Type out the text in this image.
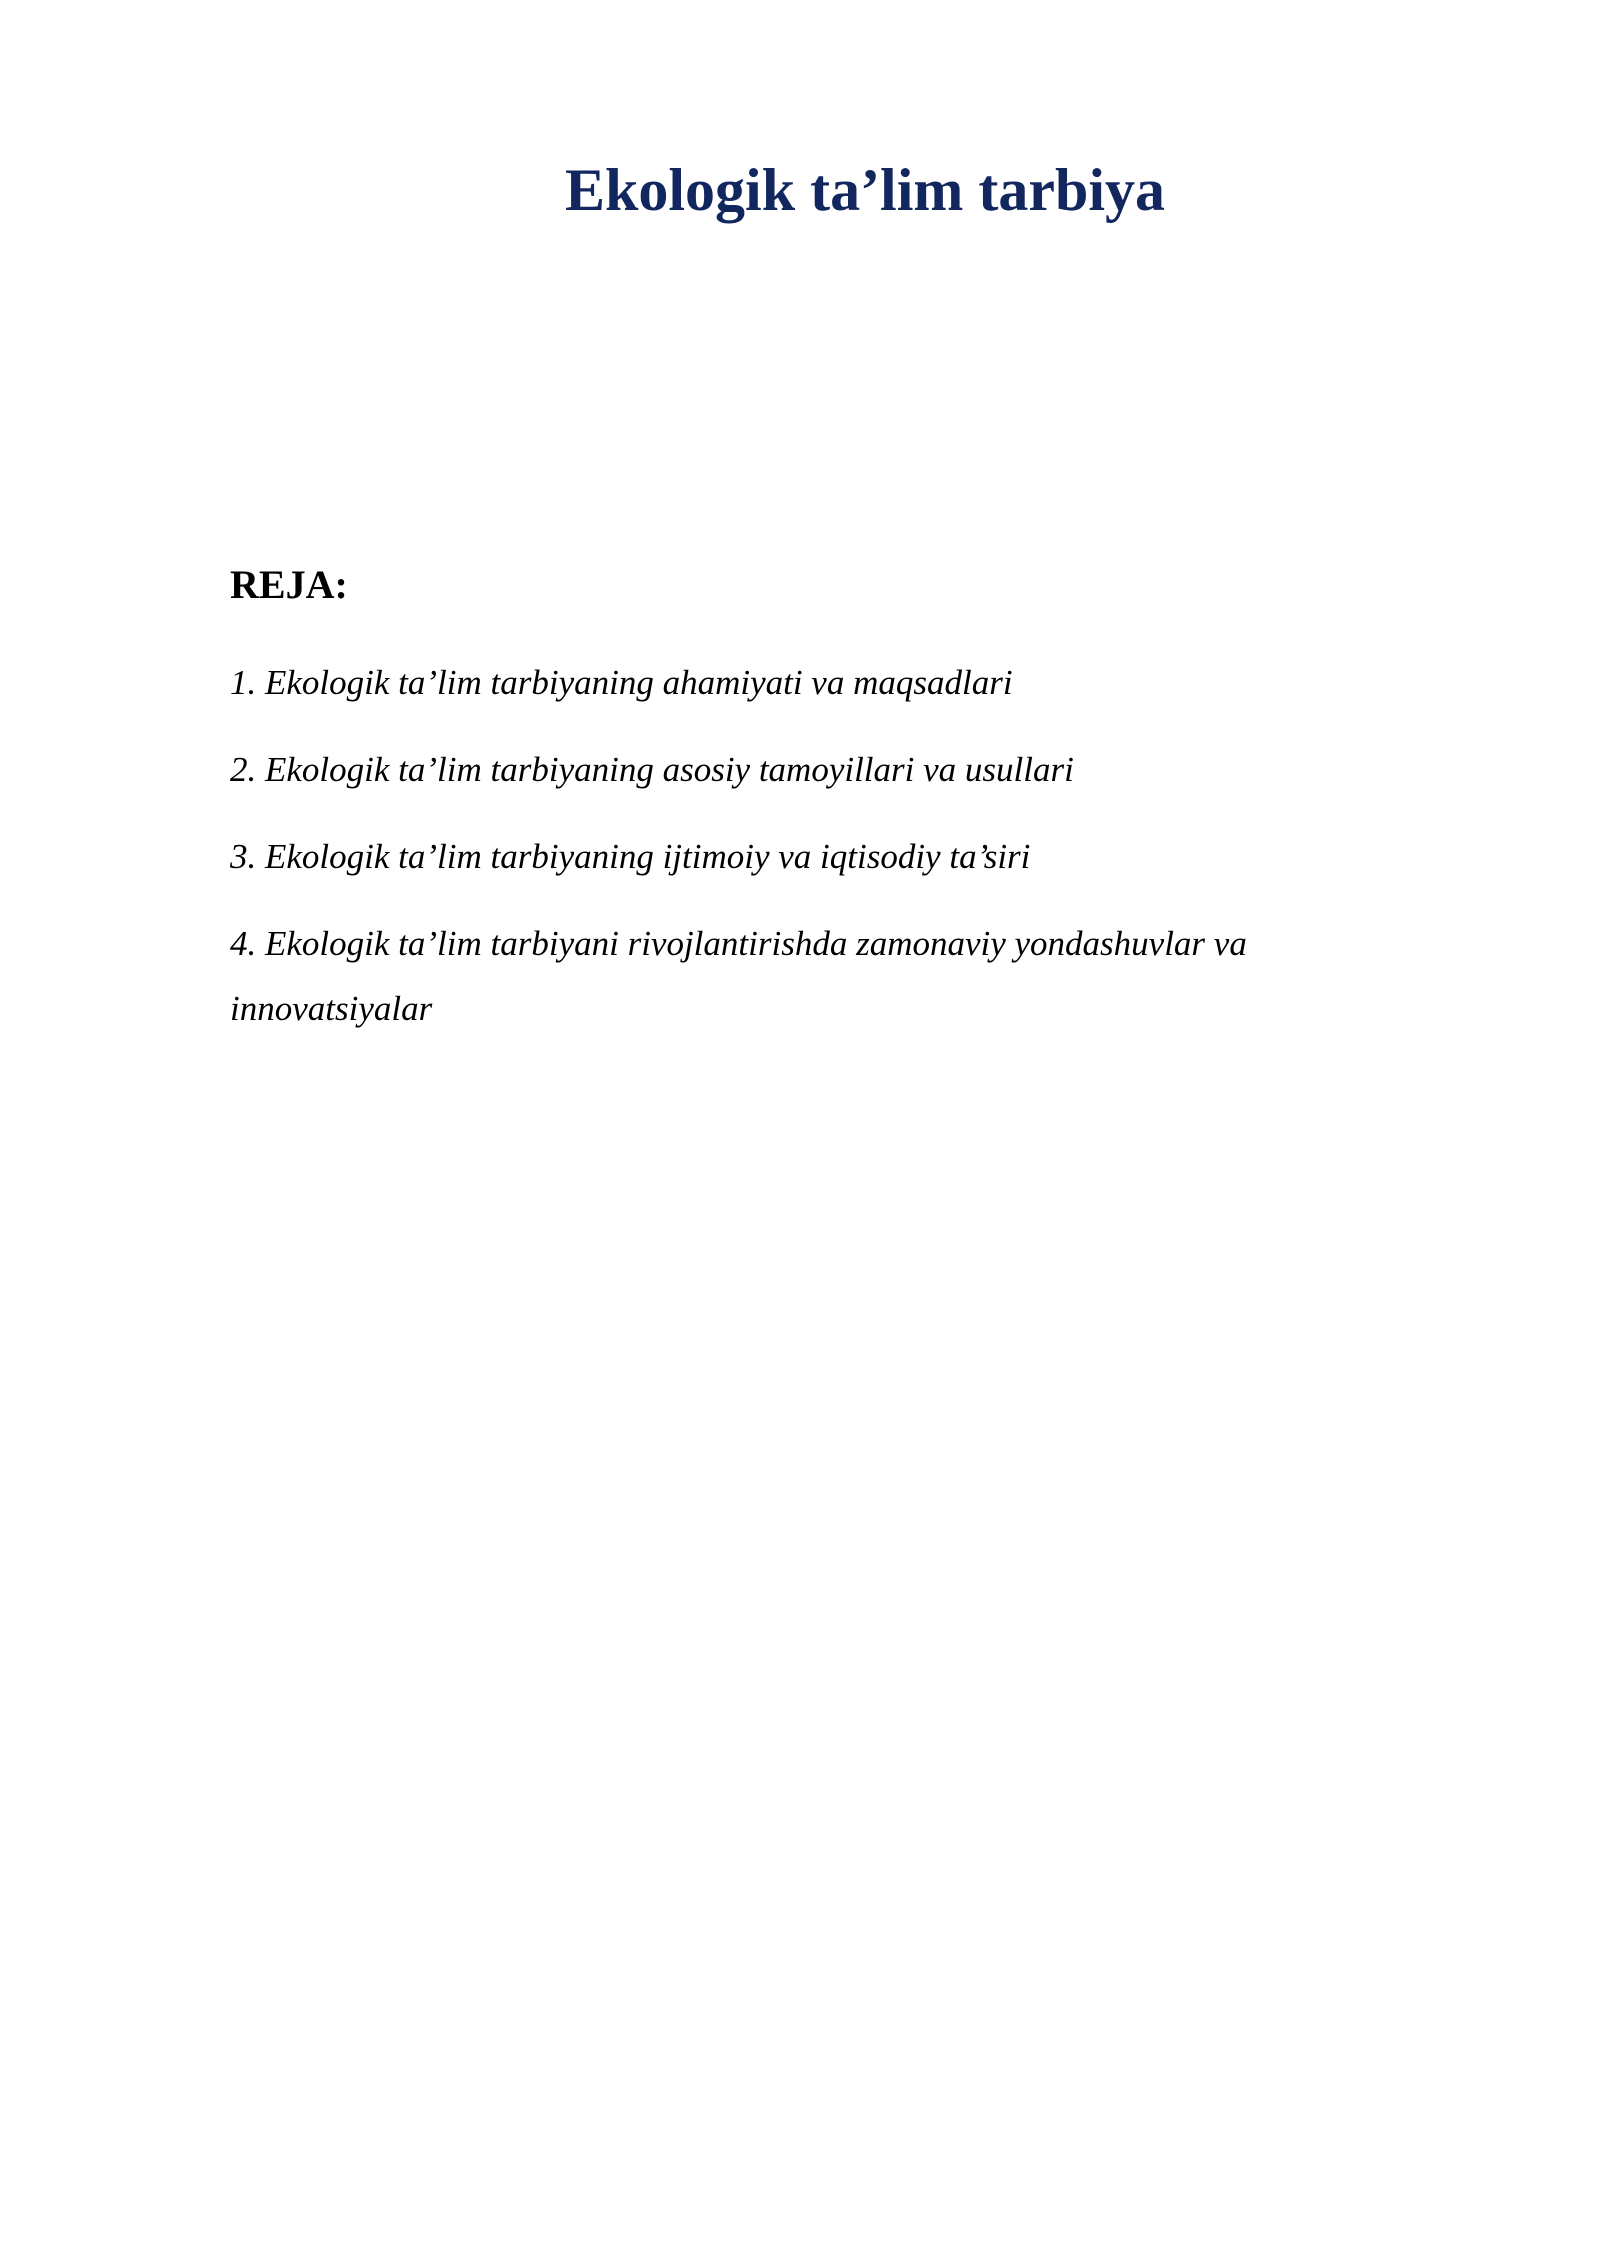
Ekologik ta’lim tarbiya
REJA:
1. Ekologik ta’lim tarbiyaning ahamiyati va maqsadlari
2. Ekologik ta’lim tarbiyaning asosiy tamoyillari va usullari
3. Ekologik ta’lim tarbiyaning ijtimoiy va iqtisodiy ta’siri
4. Ekologik ta’lim tarbiyani rivojlantirishda zamonaviy yondashuvlar va innovatsiyalar
